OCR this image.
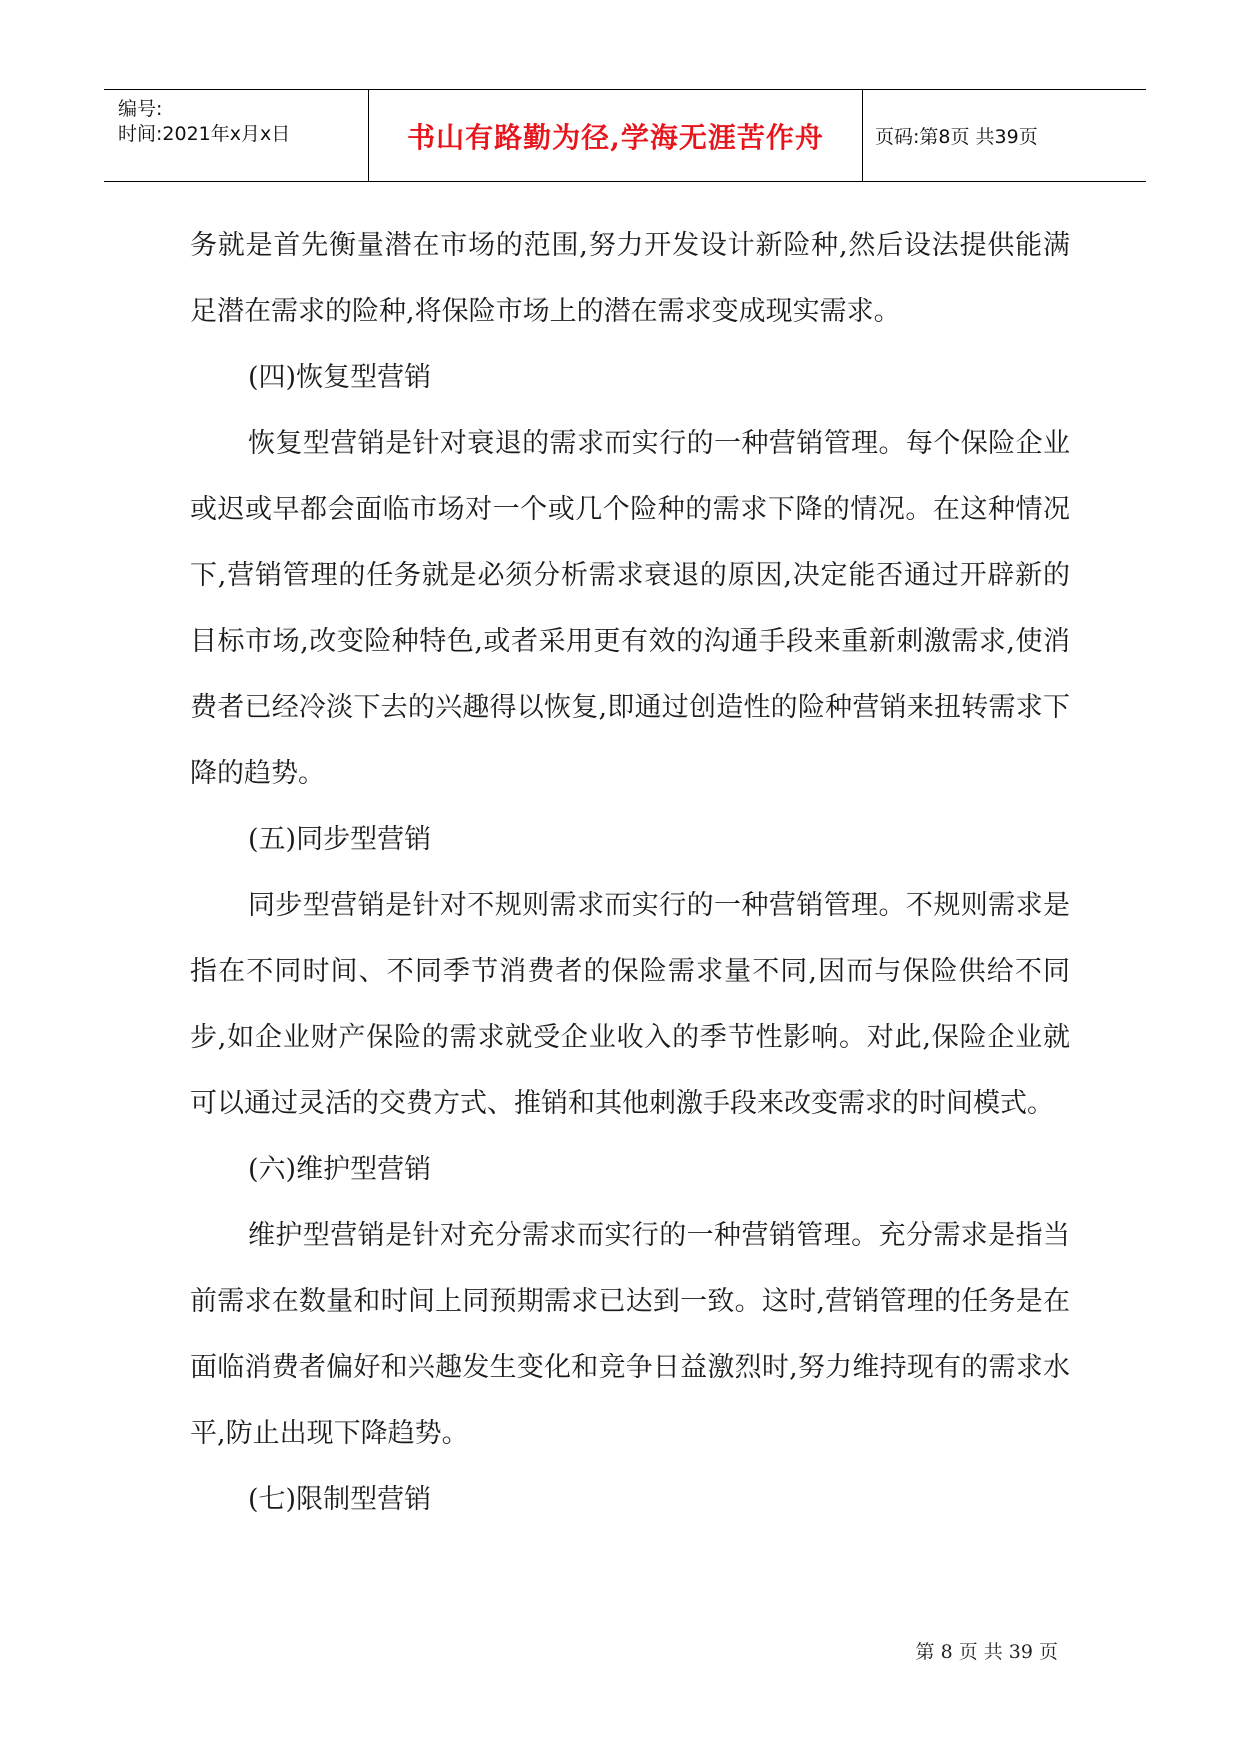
编号:
时间:2021年x月x日	书山有路勤为径,学海无涯苦作舟	页码:第8页 共39页

务就是首先衡量潜在市场的范围,努力开发设计新险种,然后设法提供能满足潜在需求的险种,将保险市场上的潜在需求变成现实需求。

(四)恢复型营销

恢复型营销是针对衰退的需求而实行的一种营销管理。每个保险企业或迟或早都会面临市场对一个或几个险种的需求下降的情况。在这种情况下,营销管理的任务就是必须分析需求衰退的原因,决定能否通过开辟新的目标市场,改变险种特色,或者采用更有效的沟通手段来重新刺激需求,使消费者已经冷淡下去的兴趣得以恢复,即通过创造性的险种营销来扭转需求下降的趋势。

(五)同步型营销

同步型营销是针对不规则需求而实行的一种营销管理。不规则需求是指在不同时间、不同季节消费者的保险需求量不同,因而与保险供给不同步,如企业财产保险的需求就受企业收入的季节性影响。对此,保险企业就可以通过灵活的交费方式、推销和其他刺激手段来改变需求的时间模式。

(六)维护型营销

维护型营销是针对充分需求而实行的一种营销管理。充分需求是指当前需求在数量和时间上同预期需求已达到一致。这时,营销管理的任务是在面临消费者偏好和兴趣发生变化和竞争日益激烈时,努力维持现有的需求水平,防止出现下降趋势。

(七)限制型营销

第 8 页 共 39 页
